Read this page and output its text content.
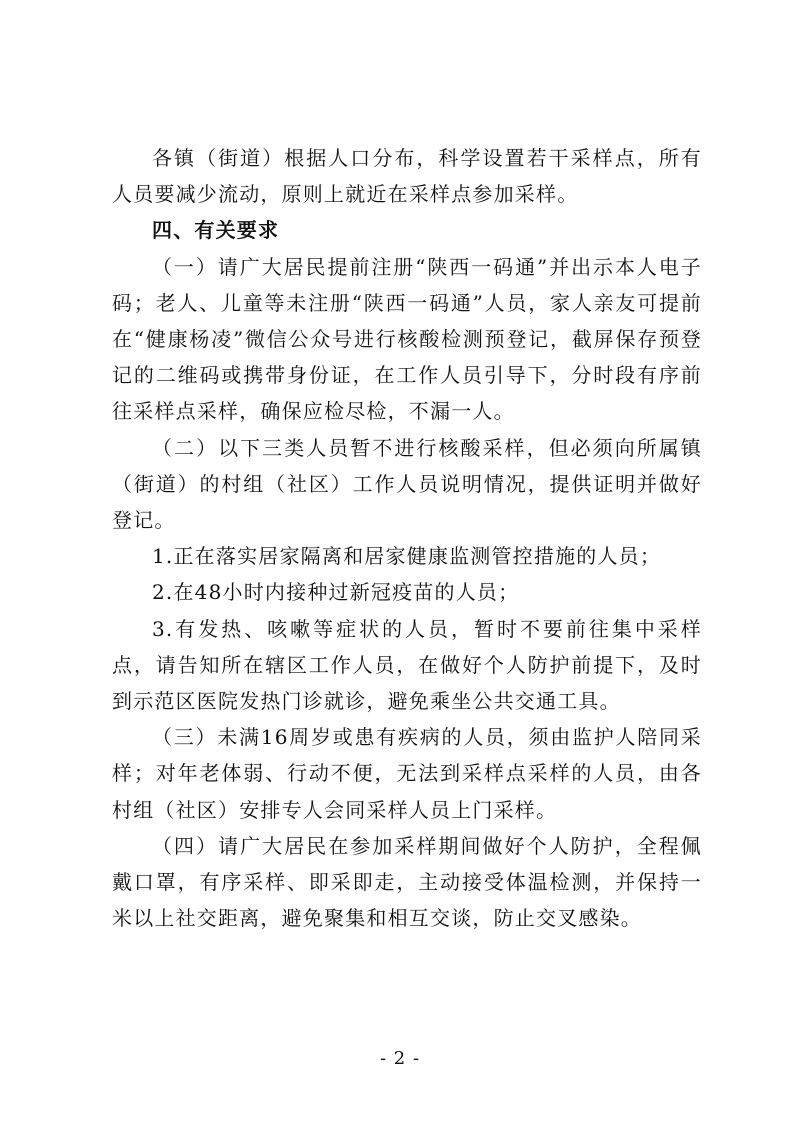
各镇（街道）根据人口分布，科学设置若干采样点，所有人员要减少流动，原则上就近在采样点参加采样。

四、有关要求

（一）请广大居民提前注册“陕西一码通”并出示本人电子码；老人、儿童等未注册“陕西一码通”人员，家人亲友可提前在“健康杨凌”微信公众号进行核酸检测预登记，截屏保存预登记的二维码或携带身份证，在工作人员引导下，分时段有序前往采样点采样，确保应检尽检，不漏一人。

（二）以下三类人员暂不进行核酸采样，但必须向所属镇（街道）的村组（社区）工作人员说明情况，提供证明并做好登记。

1.正在落实居家隔离和居家健康监测管控措施的人员；

2.在48小时内接种过新冠疫苗的人员；

3.有发热、咳嗽等症状的人员，暂时不要前往集中采样点，请告知所在辖区工作人员，在做好个人防护前提下，及时到示范区医院发热门诊就诊，避免乘坐公共交通工具。

（三）未满16周岁或患有疾病的人员，须由监护人陪同采样；对年老体弱、行动不便，无法到采样点采样的人员，由各村组（社区）安排专人会同采样人员上门采样。

（四）请广大居民在参加采样期间做好个人防护，全程佩戴口罩，有序采样、即采即走，主动接受体温检测，并保持一米以上社交距离，避免聚集和相互交谈，防止交叉感染。

- 2 -
